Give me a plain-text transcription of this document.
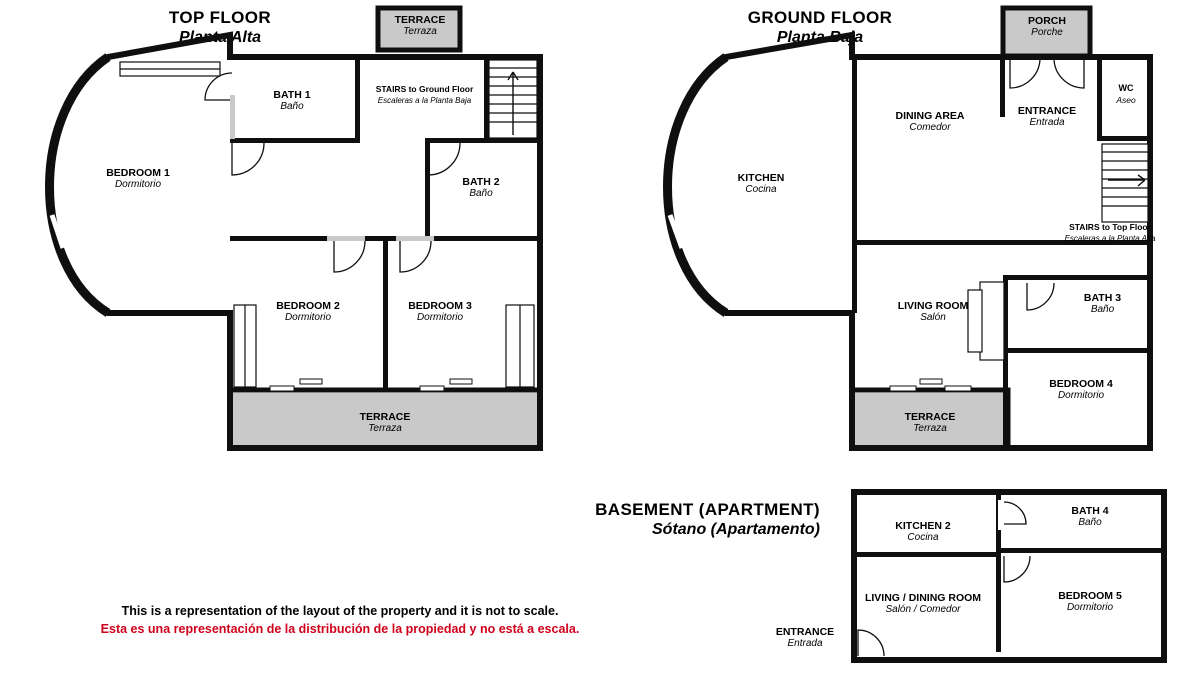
TOP FLOOR
Planta Alta
BEDROOM 1
Dormitorio
BATH 1
Baño
BATH 2
Baño
BEDROOM 2
Dormitorio
BEDROOM 3
Dormitorio
TERRACE
Terraza
TERRACE
Terraza
STAIRS to Ground Floor
Escaleras a la Planta Baja
GROUND FLOOR
Planta Baja
KITCHEN
Cocina
DINING AREA
Comedor
PORCH
Porche
ENTRANCE
Entrada
WC
Aseo
LIVING ROOM
Salón
BATH 3
Baño
BEDROOM 4
Dormitorio
TERRACE
Terraza
STAIRS to Top Floor
Escaleras a la Planta Alta
BASEMENT (APARTMENT)
Sótano (Apartamento)	KITCHEN 2
Cocina
BATH 4
Baño
LIVING / DINING ROOM
Salón / Comedor
BEDROOM 5
Dormitorio
ENTRANCE
Entrada
This is a representation of the layout of the property and it is not to scale.
Esta es una representación de la distribución de la propiedad y no está a escala.
